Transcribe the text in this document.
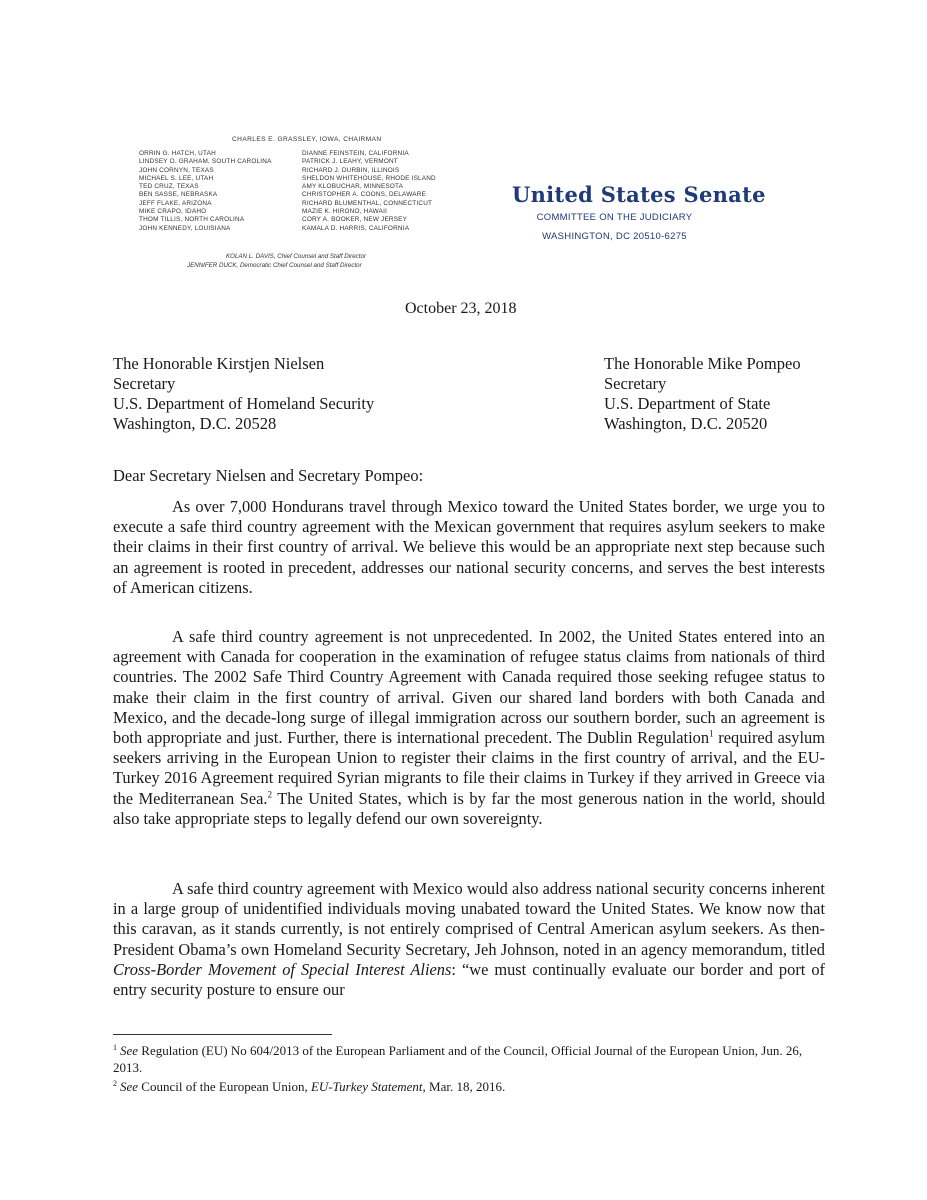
CHARLES E. GRASSLEY, IOWA, CHAIRMAN
ORRIN G. HATCH, UTAH
LINDSEY O. GRAHAM, SOUTH CAROLINA
JOHN CORNYN, TEXAS
MICHAEL S. LEE, UTAH
TED CRUZ, TEXAS
BEN SASSE, NEBRASKA
JEFF FLAKE, ARIZONA
MIKE CRAPO, IDAHO
THOM TILLIS, NORTH CAROLINA
JOHN KENNEDY, LOUISIANA
DIANNE FEINSTEIN, CALIFORNIA
PATRICK J. LEAHY, VERMONT
RICHARD J. DURBIN, ILLINOIS
SHELDON WHITEHOUSE, RHODE ISLAND
AMY KLOBUCHAR, MINNESOTA
CHRISTOPHER A. COONS, DELAWARE
RICHARD BLUMENTHAL, CONNECTICUT
MAZIE K. HIRONO, HAWAII
CORY A. BOOKER, NEW JERSEY
KAMALA D. HARRIS, CALIFORNIA
KOLAN L. DAVIS, Chief Counsel and Staff Director
JENNIFER DUCK, Democratic Chief Counsel and Staff Director
United States Senate
COMMITTEE ON THE JUDICIARY
WASHINGTON, DC 20510-6275
October 23, 2018
The Honorable Kirstjen Nielsen
Secretary
U.S. Department of Homeland Security
Washington, D.C. 20528
The Honorable Mike Pompeo
Secretary
U.S. Department of State
Washington, D.C. 20520
Dear Secretary Nielsen and Secretary Pompeo:

As over 7,000 Hondurans travel through Mexico toward the United States border, we urge you to execute a safe third country agreement with the Mexican government that requires asylum seekers to make their claims in their first country of arrival. We believe this would be an appropriate next step because such an agreement is rooted in precedent, addresses our national security concerns, and serves the best interests of American citizens.

A safe third country agreement is not unprecedented. In 2002, the United States entered into an agreement with Canada for cooperation in the examination of refugee status claims from nationals of third countries. The 2002 Safe Third Country Agreement with Canada required those seeking refugee status to make their claim in the first country of arrival. Given our shared land borders with both Canada and Mexico, and the decade-long surge of illegal immigration across our southern border, such an agreement is both appropriate and just. Further, there is international precedent. The Dublin Regulation$^1$ required asylum seekers arriving in the European Union to register their claims in the first country of arrival, and the EU-Turkey 2016 Agreement required Syrian migrants to file their claims in Turkey if they arrived in Greece via the Mediterranean Sea.$^2$ The United States, which is by far the most generous nation in the world, should also take appropriate steps to legally defend our own sovereignty.

A safe third country agreement with Mexico would also address national security concerns inherent in a large group of unidentified individuals moving unabated toward the United States. We know now that this caravan, as it stands currently, is not entirely comprised of Central American asylum seekers. As then-President Obama’s own Homeland Security Secretary, Jeh Johnson, noted in an agency memorandum, titled Cross-Border Movement of Special Interest Aliens: “we must continually evaluate our border and port of entry security posture to ensure our

$^1$ See Regulation (EU) No 604/2013 of the European Parliament and of the Council, Official Journal of the European Union, Jun. 26, 2013.

$^2$ See Council of the European Union, EU-Turkey Statement, Mar. 18, 2016.
